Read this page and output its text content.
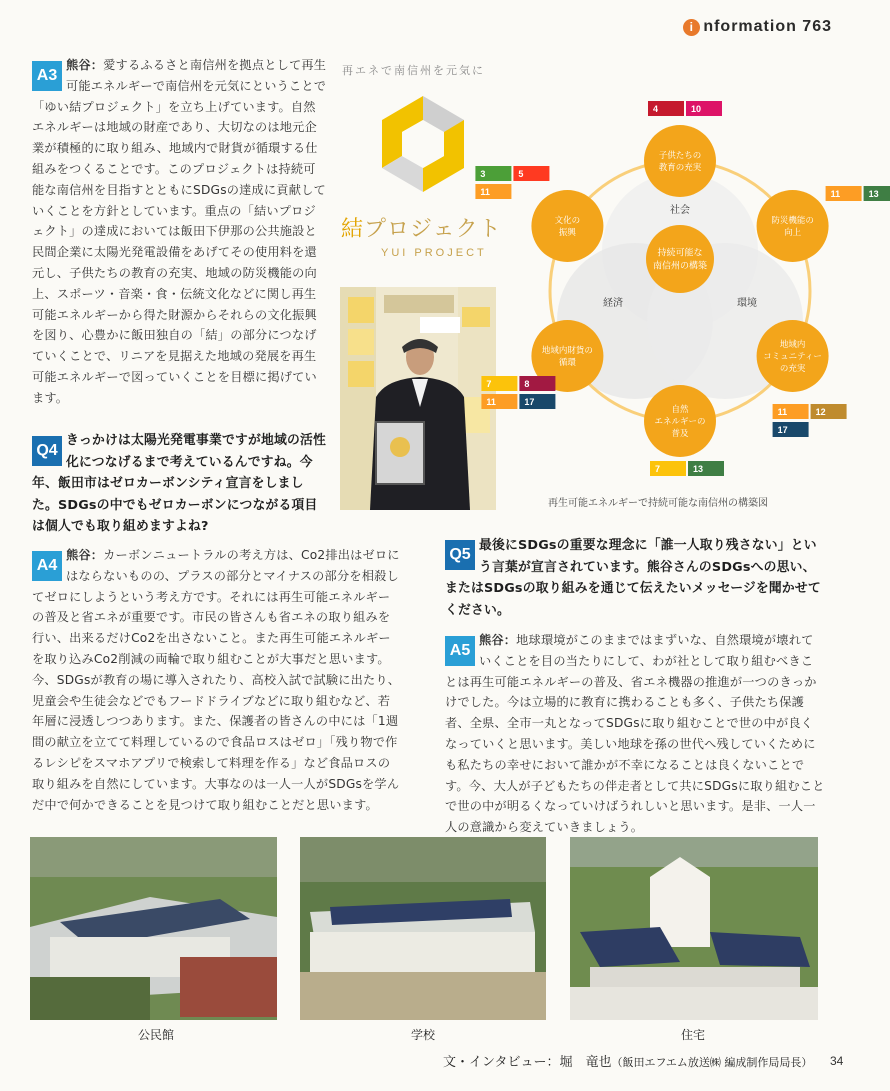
i nformation 763
A3
熊谷：愛するふるさと南信州を拠点として再生可能エネルギーで南信州を元気にということで「ゆい結プロジェクト」を立ち上げています。自然エネルギーは地域の財産であり、大切なのは地元企業が積極的に取り組み、地域内で財貨が循環する仕組みをつくることです。このプロジェクトは持続可能な南信州を目指すとともにSDGsの達成に貢献していくことを方針としています。重点の「結いプロジェクト」の達成においては飯田下伊那の公共施設と民間企業に太陽光発電設備をあげてその使用料を還元し、子供たちの教育の充実、地域の防災機能の向上、スポーツ・音楽・食・伝統文化などに関し再生可能エネルギーから得た財源からそれらの文化振興を図り、心豊かに飯田独自の「結」の部分につなげていくことで、リニアを見据えた地域の発展を再生可能エネルギーで図っていくことを目標に掲げています。
Q4
きっかけは太陽光発電事業ですが地域の活性化につなげるまで考えているんですね。今年、飯田市はゼロカーボンシティ宣言をしました。SDGsの中でもゼロカーボンにつながる項目は個人でも取り組めますよね?
A4
熊谷：カーボンニュートラルの考え方は、Co2排出はゼロにはならないものの、プラスの部分とマイナスの部分を相殺してゼロにしようという考え方です。それには再生可能エネルギーの普及と省エネが重要です。市民の皆さんも省エネの取り組みを行い、出来るだけCo2を出さないこと。また再生可能エネルギーを取り込みCo2削減の両輪で取り組むことが大事だと思います。今、SDGsが教育の場に導入されたり、高校入試で試験に出たり、児童会や生徒会などでもフードドライブなどに取り組むなど、若年層に浸透しつつあります。また、保護者の皆さんの中には「1週間の献立を立てて料理しているので食品ロスはゼロ」「残り物で作るレシピをスマホアプリで検索して料理を作る」など食品ロスの取り組みを自然にしています。大事なのは一人一人がSDGsを学んだ中で何かできることを見つけて取り組むことだと思います。
Q5
最後にSDGsの重要な理念に「誰一人取り残さない」という言葉が宣言されています。熊谷さんのSDGsへの思い、またはSDGsの取り組みを通じて伝えたいメッセージを聞かせてください。
A5
熊谷：地球環境がこのままではまずいな、自然環境が壊れていくことを目の当たりにして、わが社として取り組むべきことは再生可能エネルギーの普及、省エネ機器の推進が一つのきっかけでした。今は立場的に教育に携わることも多く、子供たち保護者、全県、全市一丸となってSDGsに取り組むことで世の中が良くなっていくと思います。美しい地球を孫の世代へ残していくためにも私たちの幸せにおいて誰かが不幸になることは良くないことです。今、大人が子どもたちの伴走者として共にSDGsに取り組むことで世の中が明るくなっていけばうれしいと思います。是非、一人一人の意識から変えていきましょう。
再エネで南信州を元気に
結プロジェクト
YUI PROJECT
社会
経済	環境
持続可能な南信州の構築
子供たちの教育の充実
4	10
防災機能の向上
11	13
地域内コミュニティーの充実
11	12
17
自然エネルギーの普及
7	13
地域内財貨の循環
7	8
11	17
文化の振興
3	5
11
再生可能エネルギーで持続可能な南信州の構築図
公民館	学校	住宅
文・インタビュー：堀　竜也（飯田エフエム放送㈱ 編成制作局局長） 34
